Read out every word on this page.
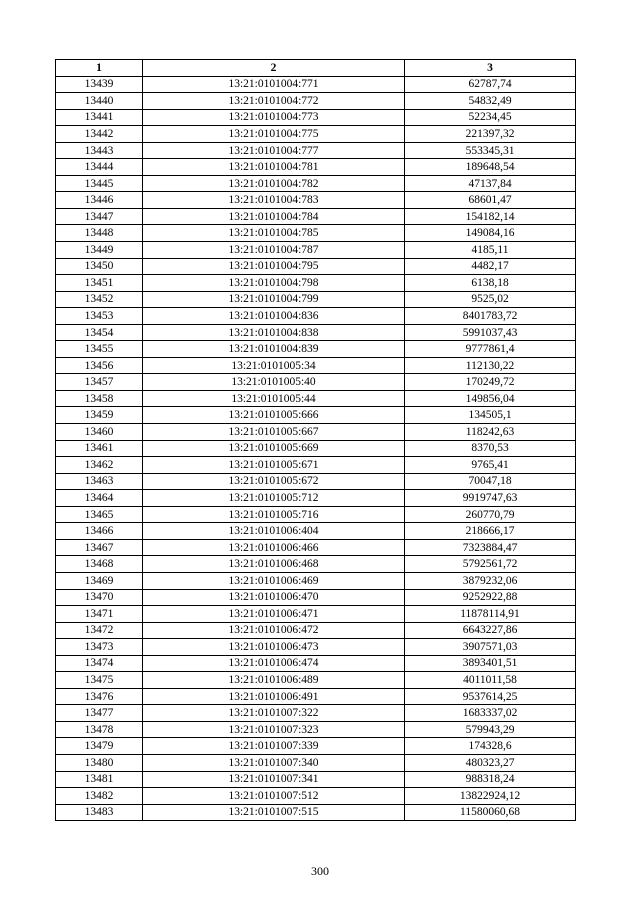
1	2	3
13439	13:21:0101004:771	62787,74
13440	13:21:0101004:772	54832,49
13441	13:21:0101004:773	52234,45
13442	13:21:0101004:775	221397,32
13443	13:21:0101004:777	553345,31
13444	13:21:0101004:781	189648,54
13445	13:21:0101004:782	47137,84
13446	13:21:0101004:783	68601,47
13447	13:21:0101004:784	154182,14
13448	13:21:0101004:785	149084,16
13449	13:21:0101004:787	4185,11
13450	13:21:0101004:795	4482,17
13451	13:21:0101004:798	6138,18
13452	13:21:0101004:799	9525,02
13453	13:21:0101004:836	8401783,72
13454	13:21:0101004:838	5991037,43
13455	13:21:0101004:839	9777861,4
13456	13:21:0101005:34	112130,22
13457	13:21:0101005:40	170249,72
13458	13:21:0101005:44	149856,04
13459	13:21:0101005:666	134505,1
13460	13:21:0101005:667	118242,63
13461	13:21:0101005:669	8370,53
13462	13:21:0101005:671	9765,41
13463	13:21:0101005:672	70047,18
13464	13:21:0101005:712	9919747,63
13465	13:21:0101005:716	260770,79
13466	13:21:0101006:404	218666,17
13467	13:21:0101006:466	7323884,47
13468	13:21:0101006:468	5792561,72
13469	13:21:0101006:469	3879232,06
13470	13:21:0101006:470	9252922,88
13471	13:21:0101006:471	11878114,91
13472	13:21:0101006:472	6643227,86
13473	13:21:0101006:473	3907571,03
13474	13:21:0101006:474	3893401,51
13475	13:21:0101006:489	4011011,58
13476	13:21:0101006:491	9537614,25
13477	13:21:0101007:322	1683337,02
13478	13:21:0101007:323	579943,29
13479	13:21:0101007:339	174328,6
13480	13:21:0101007:340	480323,27
13481	13:21:0101007:341	988318,24
13482	13:21:0101007:512	13822924,12
13483	13:21:0101007:515	11580060,68
300
